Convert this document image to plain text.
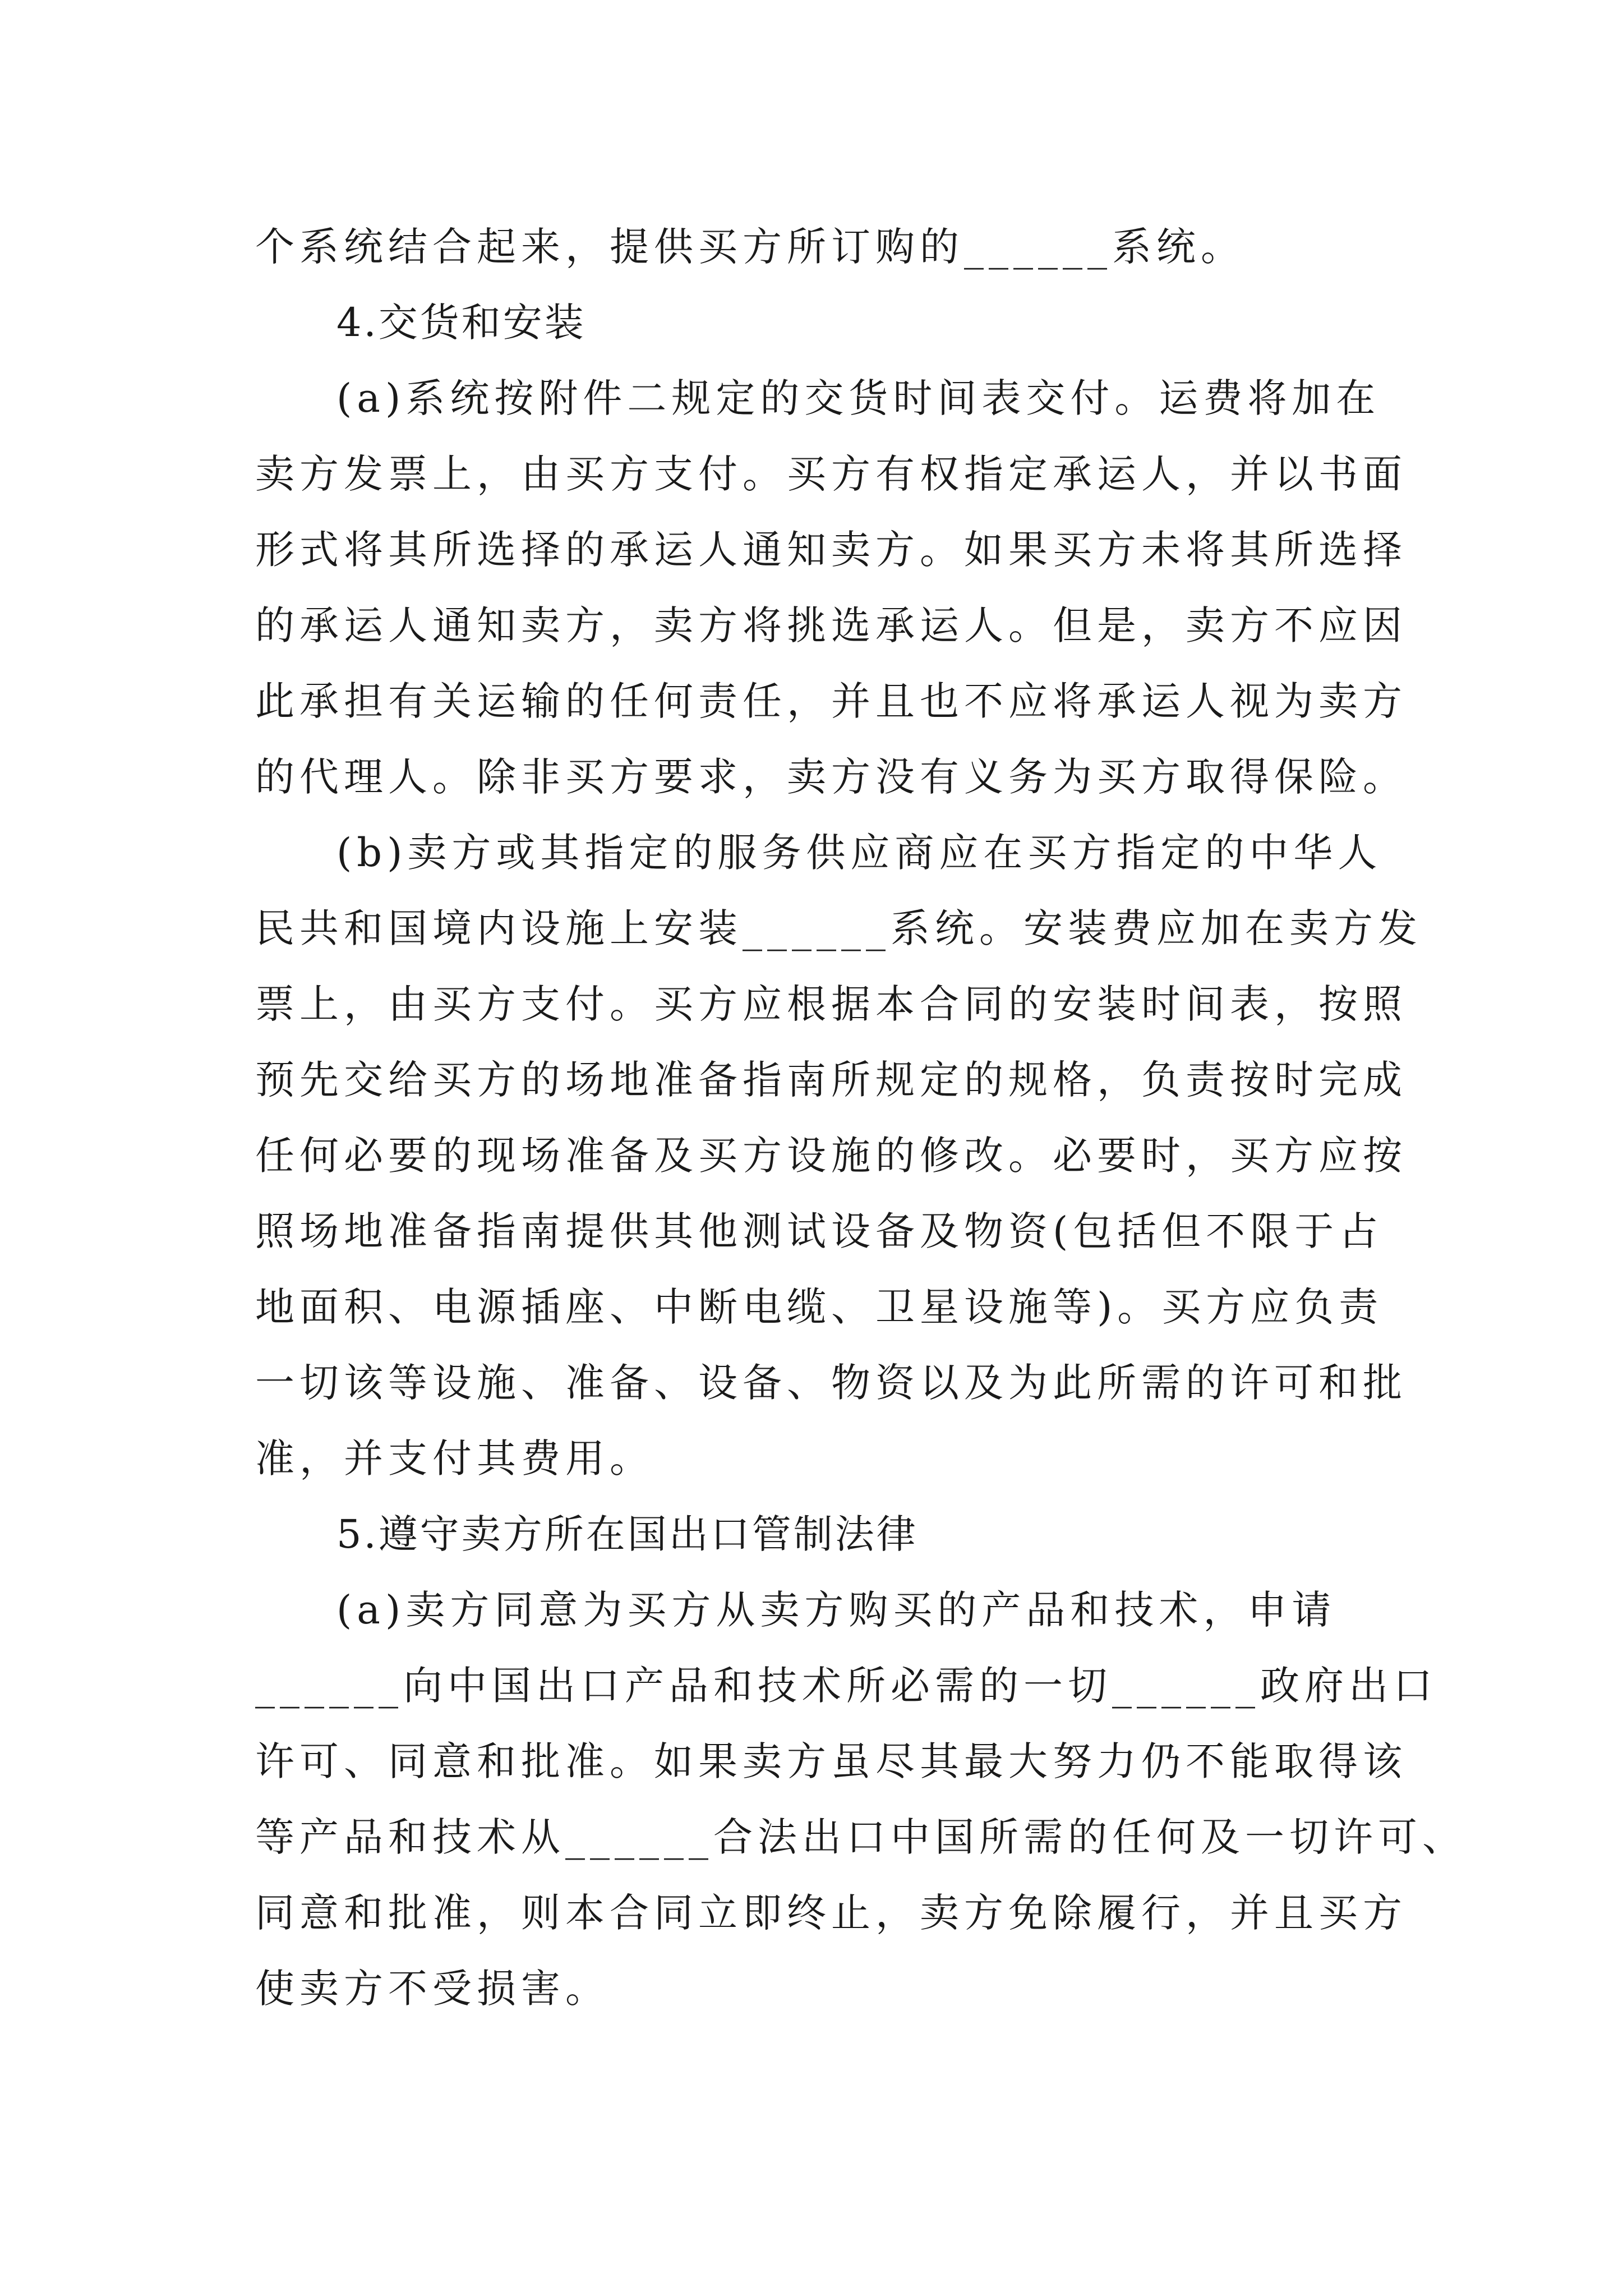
个系统结合起来，提供买方所订购的______系统。
4.交货和安装
(a)系统按附件二规定的交货时间表交付。运费将加在
卖方发票上，由买方支付。买方有权指定承运人，并以书面
形式将其所选择的承运人通知卖方。如果买方未将其所选择
的承运人通知卖方，卖方将挑选承运人。但是，卖方不应因
此承担有关运输的任何责任，并且也不应将承运人视为卖方
的代理人。除非买方要求，卖方没有义务为买方取得保险。
(b)卖方或其指定的服务供应商应在买方指定的中华人
民共和国境内设施上安装______系统。安装费应加在卖方发
票上，由买方支付。买方应根据本合同的安装时间表，按照
预先交给买方的场地准备指南所规定的规格，负责按时完成
任何必要的现场准备及买方设施的修改。必要时，买方应按
照场地准备指南提供其他测试设备及物资(包括但不限于占
地面积、电源插座、中断电缆、卫星设施等)。买方应负责
一切该等设施、准备、设备、物资以及为此所需的许可和批
准，并支付其费用。
5.遵守卖方所在国出口管制法律
(a)卖方同意为买方从卖方购买的产品和技术，申请
______向中国出口产品和技术所必需的一切______政府出口
许可、同意和批准。如果卖方虽尽其最大努力仍不能取得该
等产品和技术从______合法出口中国所需的任何及一切许可、
同意和批准，则本合同立即终止，卖方免除履行，并且买方
使卖方不受损害。
